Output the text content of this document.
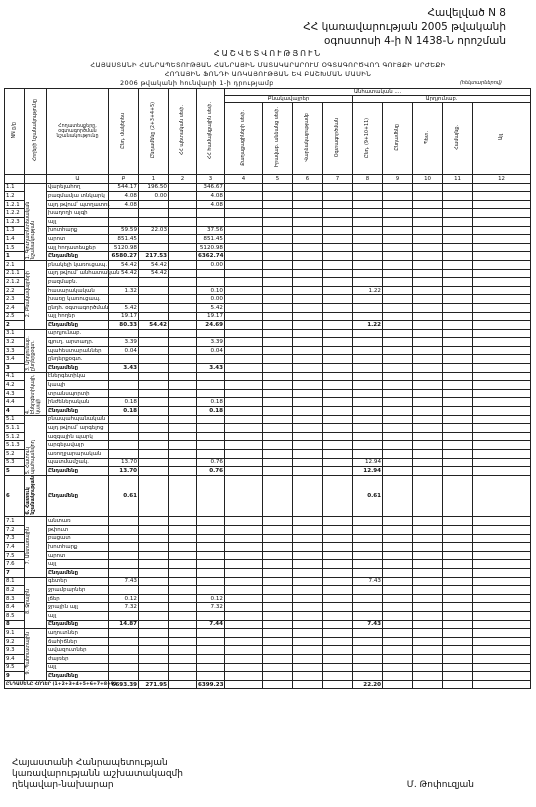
Հավելված N 8
ՀՀ կառավարության 2005 թվականի
օգոստոսի 4-ի N 1438-Ն որոշման
ՀԱՇՎԵՏՎՈՒԹՅՈՒՆ
ՀԱՅԱՍՏԱՆԻ ՀԱՆՐԱՊԵՏՈՒԹՅԱՆ ՀԱՆՐԱՅԻՆ ՄԱՏԱԿԱՐԱՐՈՒՄ ՕԳՏԱԳՈՐԾՎՈՂ ԳՈՒՅՔԻ ԱՐԺԵՔԻ
ՀՈՂԱՅԻՆ ՖՈՆԴԻ ԱՌԿԱՅՈՒԹՅԱՆ ԵՎ ԲԱՇԽՄԱՆ ՄԱՍԻՆ
2006 թվականի հունվարի 1-ի դրությամբ	(հեկտարներով)
NN ը/ը	Հողերի նշանակությունը	Հողատեսքերը, օգտագործման նշանակությունը	Ընդ. մակերես	Ընդամենը (2+3+4+5)	ՀՀ պետական սեփ.	ՀՀ համայնքային սեփ.	Անհատական ....								
							Բնակավայրեր				Արդյունաբ.				
							Քաղաքացիների սեփ.	Իրավաբ. անձանց սեփ.	Վարձակալությամբ	Օգտագործման	Ընդ. (9+10+11)	Ընդամենը	Պետ.	Համայնք.	Այլ
		Ա	Բ	1	2	3	4	5	6	7	8	9	10	11	12
1.1	1. Գյուղատնտեսական նշանակության	վարելահող	544.17	196.50		346.67									
1.2		բազմամյա տնկարկ	4.08	0.00		4.08									
1.2.1		այդ թվում՝ պտղատու	4.08			4.08									
1.2.2		խաղողի այգի													
1.2.3		այլ													
1.3		խոտհարք	59.59	22.03		37.56									
1.4		արոտ	851.45			851.45									
1.5		այլ հողատեսքեր	5120.98			5120.98									
1		Ընդամենը	6580.27	217.53		6362.74									
2.1	2. Բնակավայրերի	բնակելի կառուցապ.	54.42	54.42		0.00									
2.1.1		այդ թվում՝ անհատական	54.42	54.42											
2.1.2		բազմաբն.													
2.2		հասարակական	1.32			0.10					1.22				
2.3		խառը կառուցապ.				0.00									
2.4		ընդհ. օգտագործման	5.42			5.42									
2.5		այլ հողեր	19.17			19.17									
2		Ընդամենը	80.33	54.42		24.69					1.22				
3.1	3. Արդյունաբ. ընդերքօգտ.	արդյունաբ.													
3.2		գյուղ. արտադր.	3.39			3.39									
3.3		պահեստարաններ	0.04			0.04									
3.4		ընդերքօգտ.													
3		Ընդամենը	3.43			3.43									
4.1	4. Էներգետիկայի, կապի	էներգետիկա													
4.2		կապի													
4.3		տրանսպորտի													
4.4		ինժեներական	0.18			0.18									
4		Ընդամենը	0.18			0.18									
5.1	5. Հատուկ պահպանվող	բնապահպանական													
5.1.1		այդ թվում՝ արգելոց													
5.1.2		ազգային պարկ													
5.1.3		արգելավայր													
5.2		առողջարարական													
5.3		պատմամշակ.	13.70			0.76					12.94				
5		Ընդամենը	13.70			0.76					12.94				
6	6. Հատուկ նշանակության	Ընդամենը	0.61								0.61				
7.1	7. Անտառային	անտառ													
7.2		թփուտ													
7.3		բացատ													
7.4		խոտհարք													
7.5		արոտ													
7.6		այլ													
7		Ընդամենը													
8.1	8. Ջրային	գետեր	7.43								7.43				
8.2		ջրամբարներ													
8.3		լճեր	0.12			0.12									
8.4		ջրային այլ	7.32			7.32									
8.5		այլ													
8		Ընդամենը	14.87			7.44					7.43				
9.1	9. Պահուստային	աղուտներ													
9.2		ճահիճներ													
9.3		ավազուտներ													
9.4		ժայռեր													
9.5		այլ													
9		Ընդամենը													
ԸՆԴԱՄԵՆԸ ՀՈՂԵՐ (1+2+3+4+5+6+7+8+9)			6693.39	271.95		6399.23					22.20				
Հայաստանի Հանրապետության
կառավարությանն աշխատակազմի
ղեկավար-նախարար	Մ. Թոփուզյան
